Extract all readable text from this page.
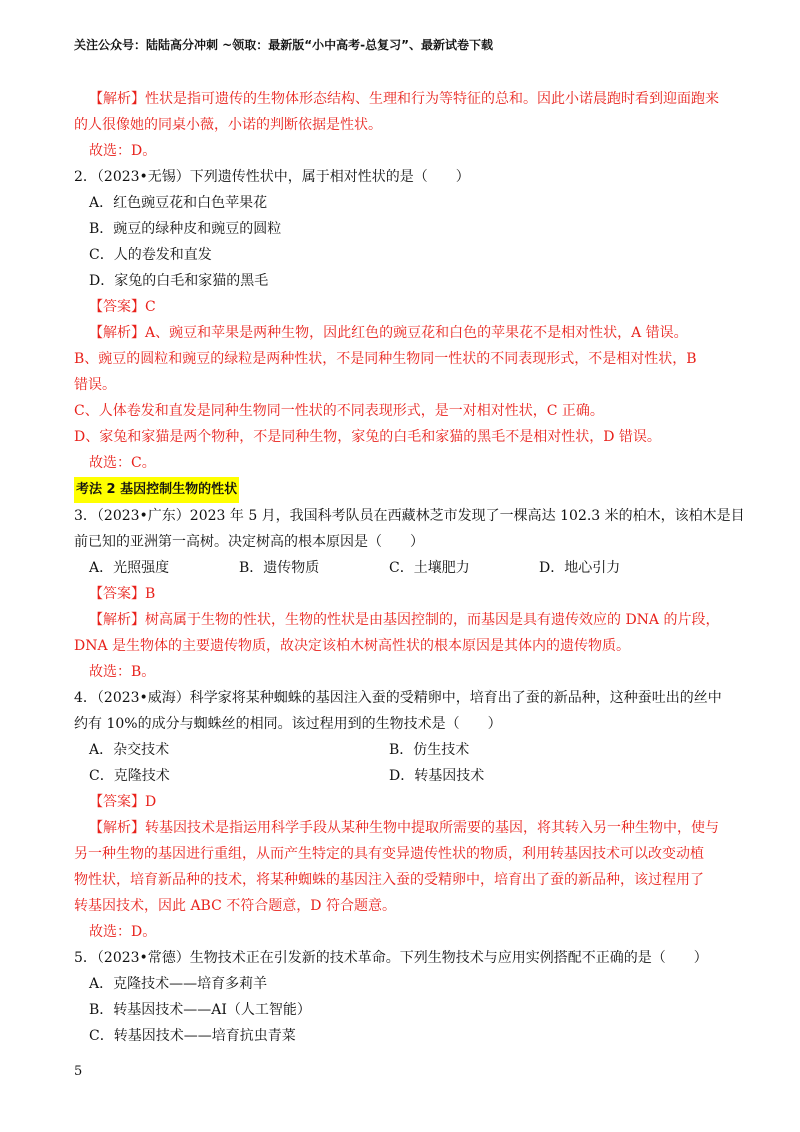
关注公众号：陆陆高分冲刺 ~领取：最新版“小中高考-总复习”、最新试卷下载
【解析】性状是指可遗传的生物体形态结构、生理和行为等特征的总和。因此小诺晨跑时看到迎面跑来
的人很像她的同桌小薇，小诺的判断依据是性状。
故选：D。
2．（2023•无锡）下列遗传性状中，属于相对性状的是（　　）
A．红色豌豆花和白色苹果花
B．豌豆的绿种皮和豌豆的圆粒
C．人的卷发和直发
D．家兔的白毛和家猫的黑毛
【答案】C
【解析】A、豌豆和苹果是两种生物，因此红色的豌豆花和白色的苹果花不是相对性状，A 错误。
B、豌豆的圆粒和豌豆的绿粒是两种性状，不是同种生物同一性状的不同表现形式，不是相对性状，B
错误。
C、人体卷发和直发是同种生物同一性状的不同表现形式，是一对相对性状，C 正确。
D、家兔和家猫是两个物种，不是同种生物，家兔的白毛和家猫的黑毛不是相对性状，D 错误。
故选：C。
考法 2 基因控制生物的性状
3．（2023•广东）2023 年 5 月，我国科考队员在西藏林芝市发现了一棵高达 102.3 米的柏木，该柏木是目
前已知的亚洲第一高树。决定树高的根本原因是（　　）
A．光照强度	B．遗传物质	C．土壤肥力	D．地心引力
【答案】B
【解析】树高属于生物的性状，生物的性状是由基因控制的，而基因是具有遗传效应的 DNA 的片段，
DNA 是生物体的主要遗传物质，故决定该柏木树高性状的根本原因是其体内的遗传物质。
故选：B。
4．（2023•威海）科学家将某种蜘蛛的基因注入蚕的受精卵中，培育出了蚕的新品种，这种蚕吐出的丝中
约有 10%的成分与蜘蛛丝的相同。该过程用到的生物技术是（　　）
A．杂交技术	B．仿生技术
C．克隆技术	D．转基因技术
【答案】D
【解析】转基因技术是指运用科学手段从某种生物中提取所需要的基因，将其转入另一种生物中，使与
另一种生物的基因进行重组，从而产生特定的具有变异遗传性状的物质，利用转基因技术可以改变动植
物性状，培育新品种的技术，将某种蜘蛛的基因注入蚕的受精卵中，培育出了蚕的新品种，该过程用了
转基因技术，因此 ABC 不符合题意，D 符合题意。
故选：D。
5．（2023•常德）生物技术正在引发新的技术革命。下列生物技术与应用实例搭配不正确的是（　　）
A．克隆技术——培育多莉羊
B．转基因技术——AI（人工智能）
C．转基因技术——培育抗虫青菜
5
